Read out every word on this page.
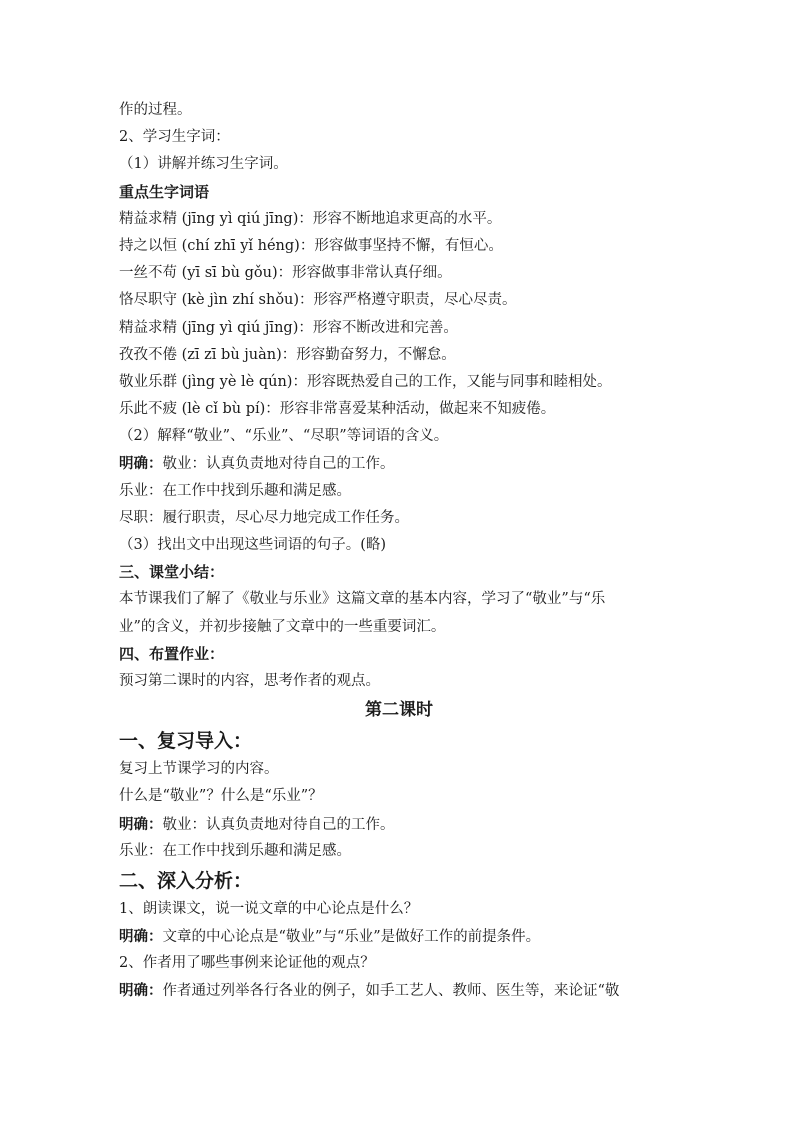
作的过程。
2、学习生字词：
（1）讲解并练习生字词。
重点生字词语
精益求精 (jīng yì qiú jīng)：形容不断地追求更高的水平。
持之以恒 (chí zhī yǐ héng)：形容做事坚持不懈，有恒心。
一丝不苟 (yī sī bù gǒu)：形容做事非常认真仔细。
恪尽职守 (kè jìn zhí shǒu)：形容严格遵守职责，尽心尽责。
精益求精 (jīng yì qiú jīng)：形容不断改进和完善。
孜孜不倦 (zī zī bù juàn)：形容勤奋努力，不懈怠。
敬业乐群 (jìng yè lè qún)：形容既热爱自己的工作，又能与同事和睦相处。
乐此不疲 (lè cǐ bù pí)：形容非常喜爱某种活动，做起来不知疲倦。
（2）解释“敬业”、“乐业”、“尽职”等词语的含义。
明确：敬业：认真负责地对待自己的工作。
乐业：在工作中找到乐趣和满足感。
尽职：履行职责，尽心尽力地完成工作任务。
（3）找出文中出现这些词语的句子。(略)
三、课堂小结：
本节课我们了解了《敬业与乐业》这篇文章的基本内容，学习了“敬业”与“乐
业”的含义，并初步接触了文章中的一些重要词汇。
四、布置作业：
预习第二课时的内容，思考作者的观点。
第二课时
一、复习导入：
复习上节课学习的内容。
什么是“敬业”？什么是“乐业”？
明确：敬业：认真负责地对待自己的工作。
乐业：在工作中找到乐趣和满足感。
二、深入分析：
1、朗读课文，说一说文章的中心论点是什么？
明确：文章的中心论点是“敬业”与“乐业”是做好工作的前提条件。
2、作者用了哪些事例来论证他的观点？
明确：作者通过列举各行各业的例子，如手工艺人、教师、医生等，来论证“敬
